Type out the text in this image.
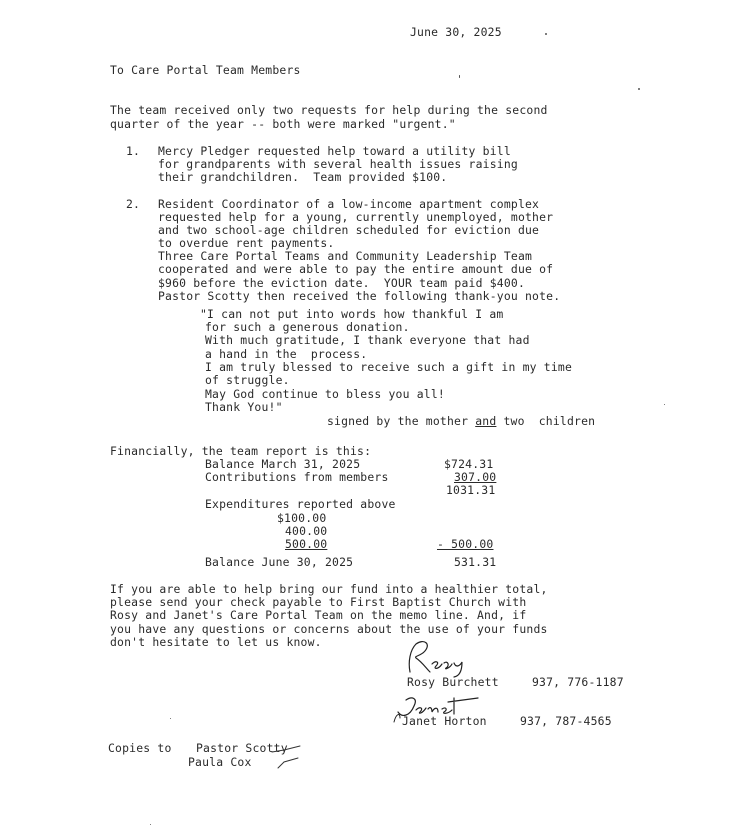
June 30, 2025
To Care Portal Team Members
The team received only two requests for help during the second
quarter of the year -- both were marked "urgent."
1. Mercy Pledger requested help toward a utility bill
for grandparents with several health issues raising
their grandchildren.  Team provided $100.
2. Resident Coordinator of a low-income apartment complex
requested help for a young, currently unemployed, mother
and two school-age children scheduled for eviction due
to overdue rent payments.
Three Care Portal Teams and Community Leadership Team
cooperated and were able to pay the entire amount due of
$960 before the eviction date.  YOUR team paid $400.
Pastor Scotty then received the following thank-you note.
"I can not put into words how thankful I am
for such a generous donation.
With much gratitude, I thank everyone that had
a hand in the  process.
I am truly blessed to receive such a gift in my time
of struggle.
May God continue to bless you all!
Thank You!"
signed by the mother and two  children
Financially, the team report is this:
Balance March 31, 2025	$724.31
Contributions from members	307.00
1031.31
Expenditures reported above
$100.00
400.00
500.00	- 500.00
Balance June 30, 2025	531.31
If you are able to help bring our fund into a healthier total,
please send your check payable to First Baptist Church with
Rosy and Janet's Care Portal Team on the memo line. And, if
you have any questions or concerns about the use of your funds
don't hesitate to let us know.
Rosy Burchett	937, 776-1187
Janet Horton	937, 787-4565
Copies to Pastor Scotty
Paula Cox
